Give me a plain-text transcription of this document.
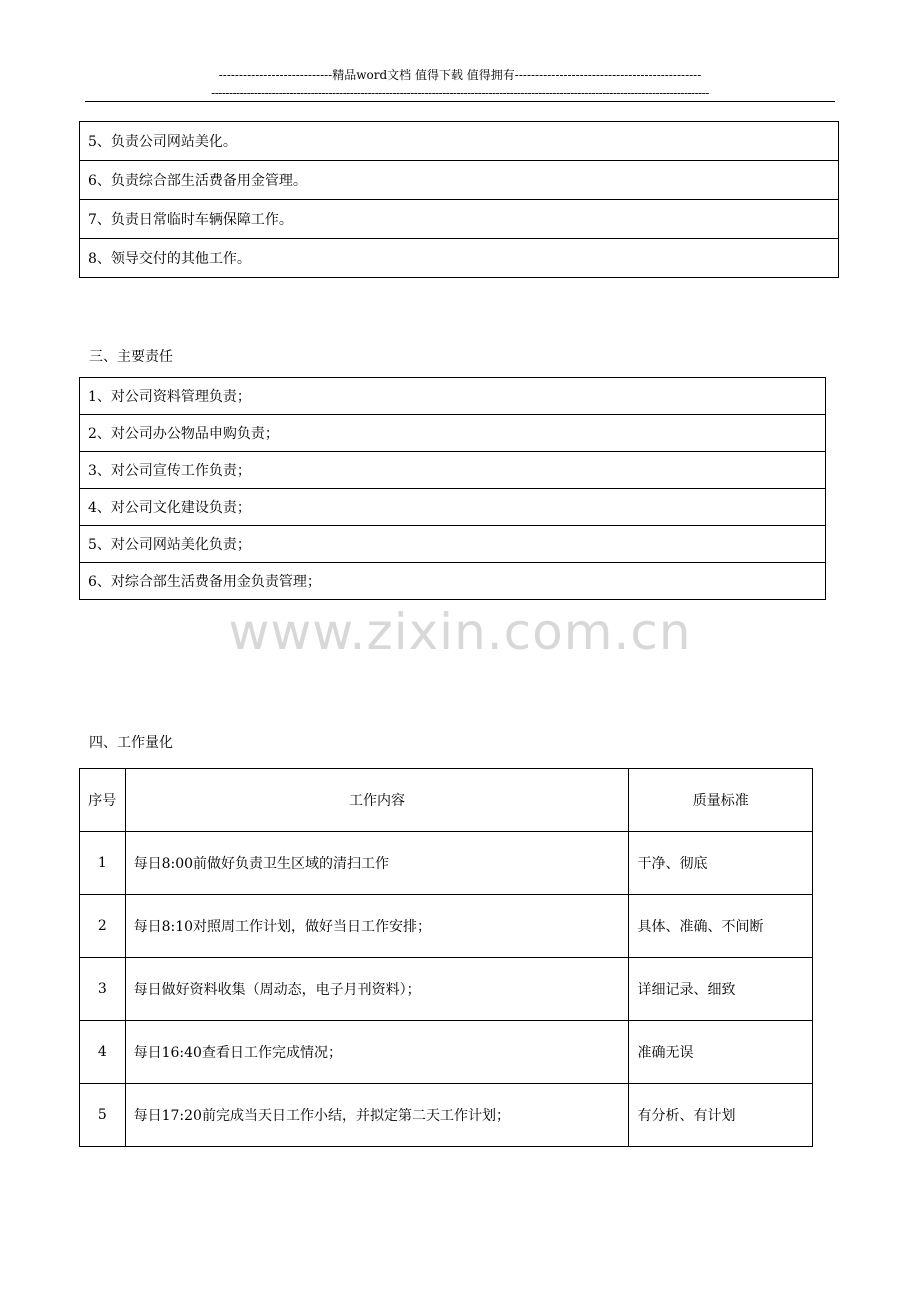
----------------------------精品word文档 值得下载 值得拥有----------------------------------------------
--------------------------------------------------------------------------------------------------------------------------------------------
5、负责公司网站美化。
6、负责综合部生活费备用金管理。
7、负责日常临时车辆保障工作。
8、领导交付的其他工作。
三、主要责任
1、对公司资料管理负责；
2、对公司办公物品申购负责；
3、对公司宣传工作负责；
4、对公司文化建设负责；
5、对公司网站美化负责；
6、对综合部生活费备用金负责管理；
www.zixin.com.cn
四、工作量化
序号	工作内容	质量标准
1	每日8:00前做好负责卫生区域的清扫工作	干净、彻底
2	每日8:10对照周工作计划，做好当日工作安排；	具体、准确、不间断
3	每日做好资料收集（周动态，电子月刊资料）；	详细记录、细致
4	每日16:40查看日工作完成情况；	准确无误
5	每日17:20前完成当天日工作小结，并拟定第二天工作计划；	有分析、有计划
